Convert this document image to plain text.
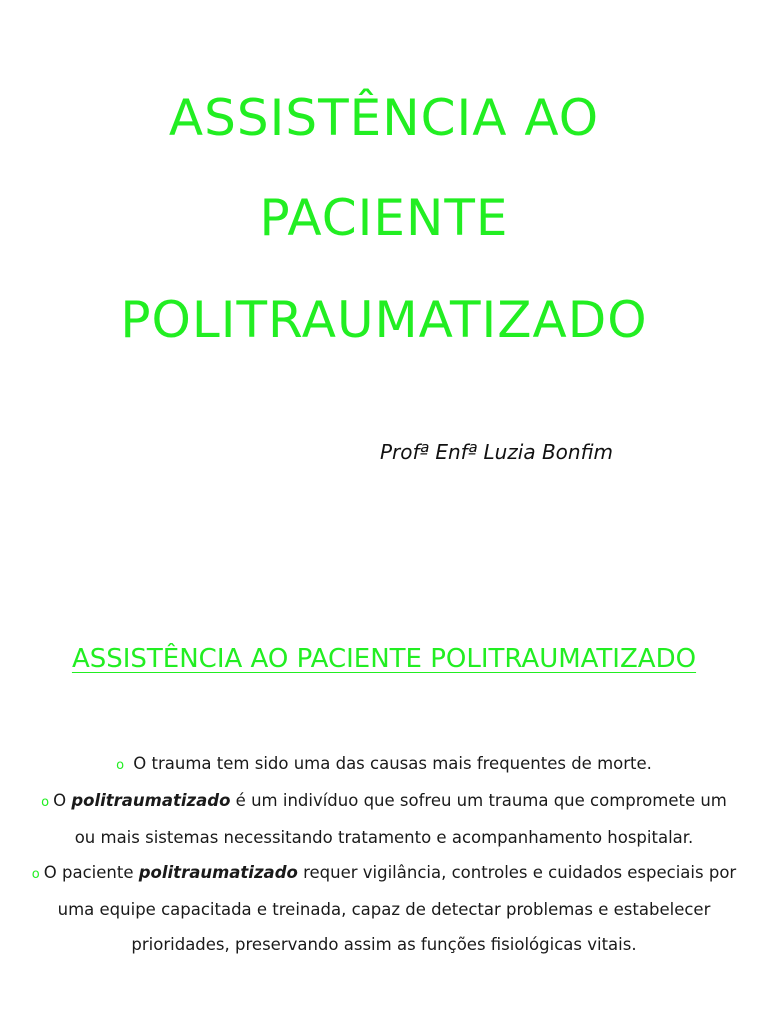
ASSISTÊNCIA AO
PACIENTE
POLITRAUMATIZADO
Profª Enfª Luzia Bonfim
ASSISTÊNCIA AO PACIENTE POLITRAUMATIZADO
o O trauma tem sido uma das causas mais frequentes de morte.
o O politraumatizado é um indivíduo que sofreu um trauma que compromete um ou mais sistemas necessitando tratamento e acompanhamento hospitalar.
o O paciente politraumatizado requer vigilância, controles e cuidados especiais por uma equipe capacitada e treinada, capaz de detectar problemas e estabelecer prioridades, preservando assim as funções fisiológicas vitais.
